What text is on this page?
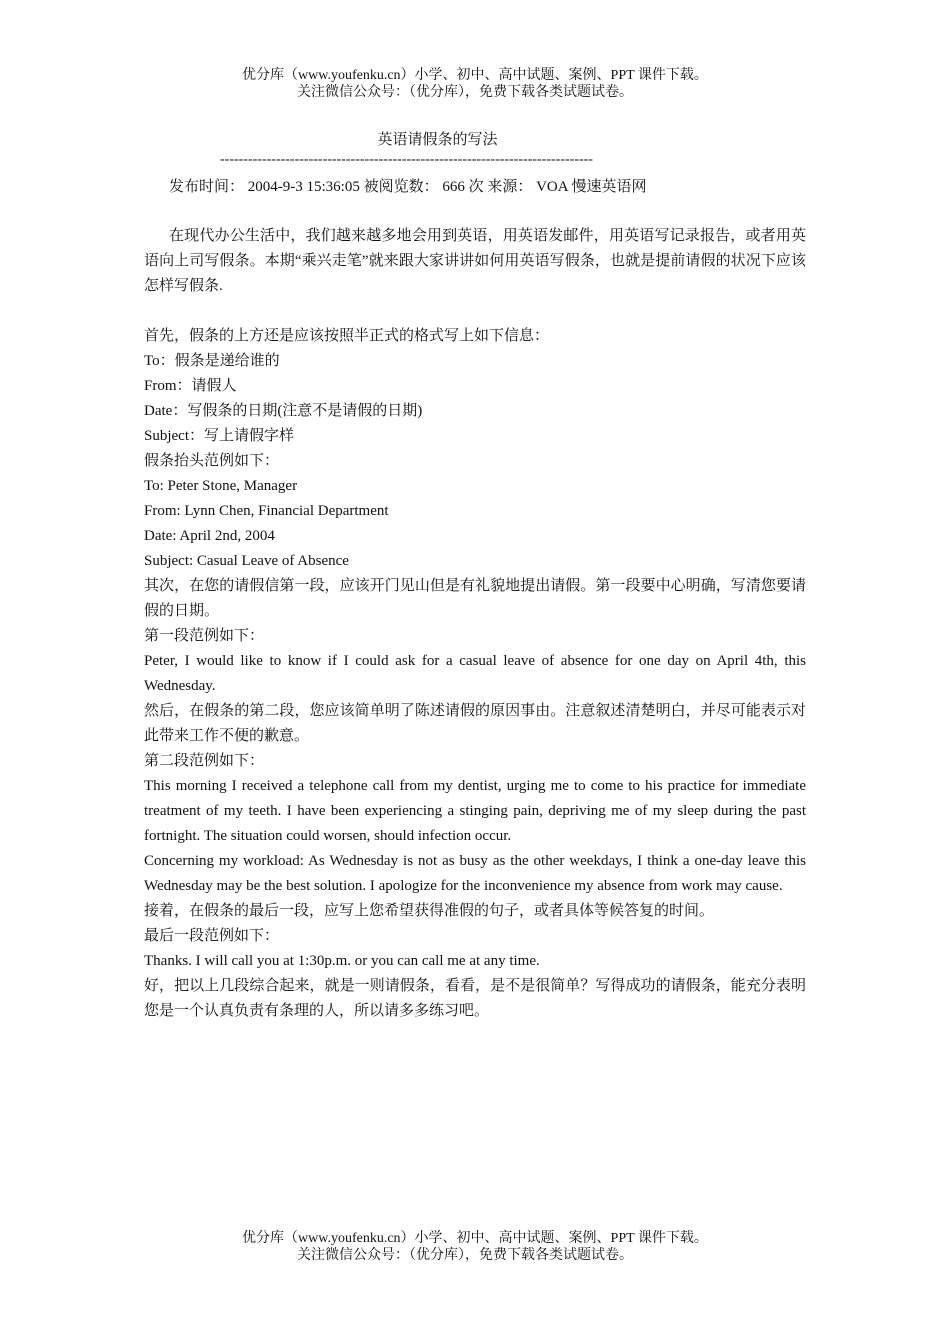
优分库（www.youfenku.cn）小学、初中、高中试题、案例、PPT 课件下载。
关注微信公众号：（优分库），免费下载各类试题试卷。
英语请假条的写法
--------------------------------------------------------------------------------
发布时间： 2004-9-3 15:36:05 被阅览数： 666 次 来源： VOA 慢速英语网

在现代办公生活中，我们越来越多地会用到英语，用英语发邮件，用英语写记录报告，或者用英语向上司写假条。本期“乘兴走笔”就来跟大家讲讲如何用英语写假条，也就是提前请假的状况下应该怎样写假条.

首先，假条的上方还是应该按照半正式的格式写上如下信息：

To：假条是递给谁的

From：请假人

Date：写假条的日期(注意不是请假的日期)

Subject：写上请假字样

假条抬头范例如下：

To: Peter Stone, Manager

From: Lynn Chen, Financial Department

Date: April 2nd, 2004

Subject: Casual Leave of Absence

其次，在您的请假信第一段，应该开门见山但是有礼貌地提出请假。第一段要中心明确，写清您要请假的日期。

第一段范例如下：

Peter, I would like to know if I could ask for a casual leave of absence for one day on April 4th, this Wednesday.

然后，在假条的第二段，您应该简单明了陈述请假的原因事由。注意叙述清楚明白，并尽可能表示对此带来工作不便的歉意。

第二段范例如下：

This morning I received a telephone call from my dentist, urging me to come to his practice for immediate treatment of my teeth. I have been experiencing a stinging pain, depriving me of my sleep during the past fortnight. The situation could worsen, should infection occur.

Concerning my workload: As Wednesday is not as busy as the other weekdays, I think a one-day leave this Wednesday may be the best solution. I apologize for the inconvenience my absence from work may cause.

接着，在假条的最后一段，应写上您希望获得准假的句子，或者具体等候答复的时间。

最后一段范例如下：

Thanks. I will call you at 1:30p.m. or you can call me at any time.

好，把以上几段综合起来，就是一则请假条，看看，是不是很简单？写得成功的请假条，能充分表明您是一个认真负责有条理的人，所以请多多练习吧。

优分库（www.youfenku.cn）小学、初中、高中试题、案例、PPT 课件下载。
关注微信公众号：（优分库），免费下载各类试题试卷。
